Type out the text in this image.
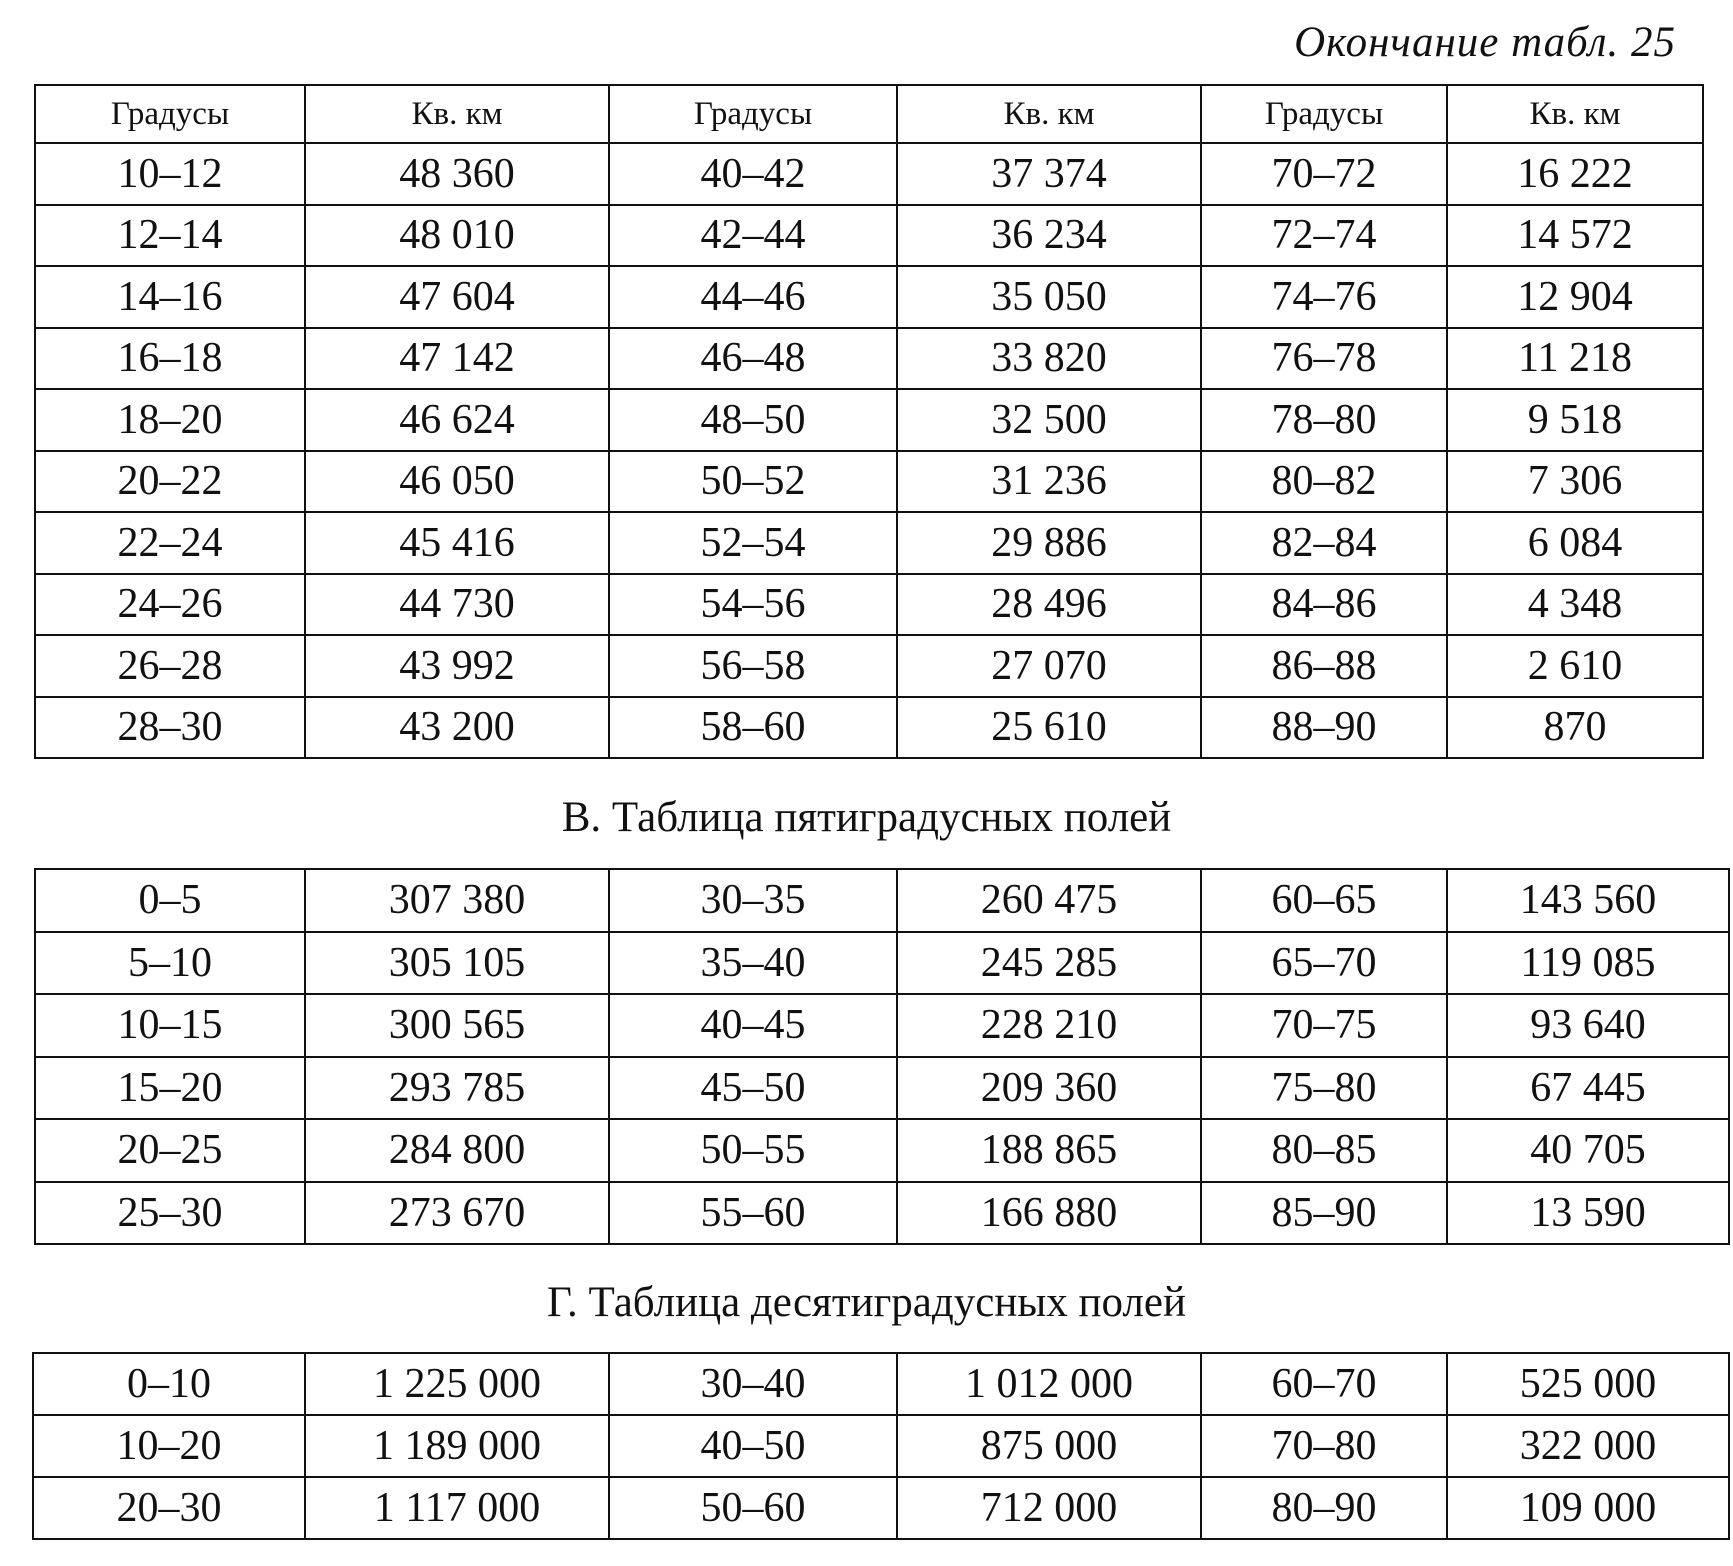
Окончание табл. 25
Градусы	Кв. км	Градусы	Кв. км	Градусы	Кв. км
10–12	48 360	40–42	37 374	70–72	16 222
12–14	48 010	42–44	36 234	72–74	14 572
14–16	47 604	44–46	35 050	74–76	12 904
16–18	47 142	46–48	33 820	76–78	11 218
18–20	46 624	48–50	32 500	78–80	9 518
20–22	46 050	50–52	31 236	80–82	7 306
22–24	45 416	52–54	29 886	82–84	6 084
24–26	44 730	54–56	28 496	84–86	4 348
26–28	43 992	56–58	27 070	86–88	2 610
28–30	43 200	58–60	25 610	88–90	870
В. Таблица пятиградусных полей
0–5	307 380	30–35	260 475	60–65	143 560
5–10	305 105	35–40	245 285	65–70	119 085
10–15	300 565	40–45	228 210	70–75	93 640
15–20	293 785	45–50	209 360	75–80	67 445
20–25	284 800	50–55	188 865	80–85	40 705
25–30	273 670	55–60	166 880	85–90	13 590
Г. Таблица десятиградусных полей
0–10	1 225 000	30–40	1 012 000	60–70	525 000
10–20	1 189 000	40–50	875 000	70–80	322 000
20–30	1 117 000	50–60	712 000	80–90	109 000
